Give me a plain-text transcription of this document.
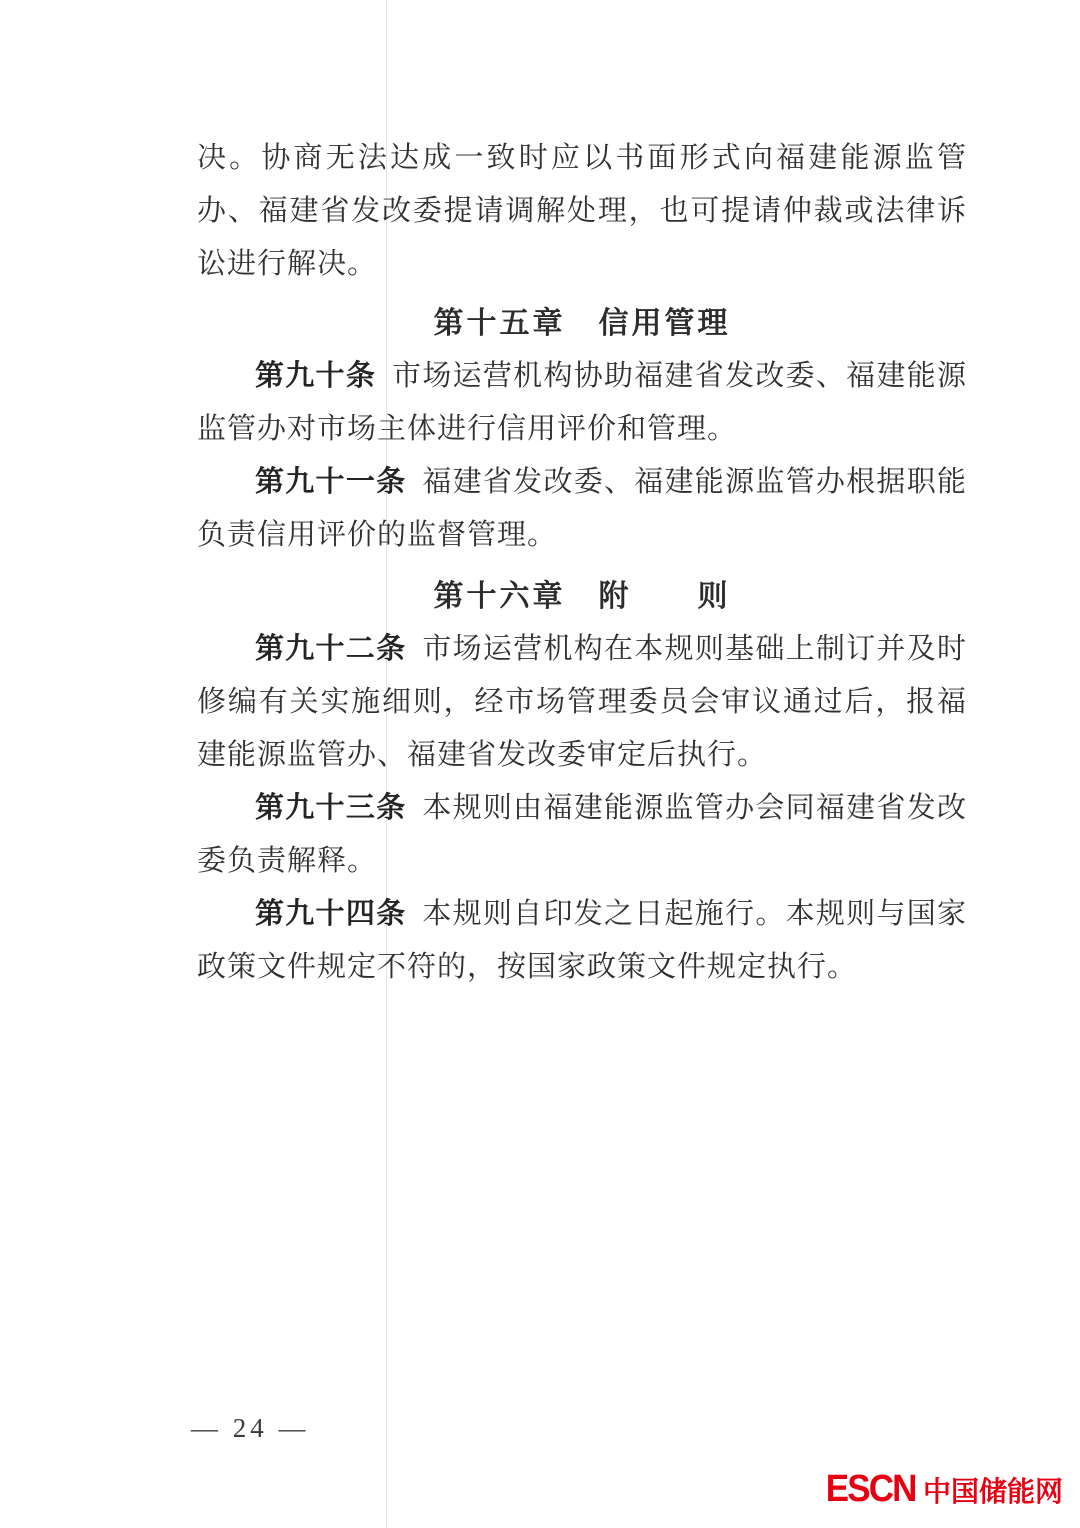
决。协商无法达成一致时应以书面形式向福建能源监管办、福建省发改委提请调解处理，也可提请仲裁或法律诉讼进行解决。

第十五章　信用管理

第九十条 市场运营机构协助福建省发改委、福建能源监管办对市场主体进行信用评价和管理。

第九十一条 福建省发改委、福建能源监管办根据职能负责信用评价的监督管理。

第十六章　附　　则

第九十二条 市场运营机构在本规则基础上制订并及时修编有关实施细则，经市场管理委员会审议通过后，报福建能源监管办、福建省发改委审定后执行。

第九十三条 本规则由福建能源监管办会同福建省发改委负责解释。

第九十四条 本规则自印发之日起施行。本规则与国家政策文件规定不符的，按国家政策文件规定执行。

— 24 —
ESCN 中国储能网
